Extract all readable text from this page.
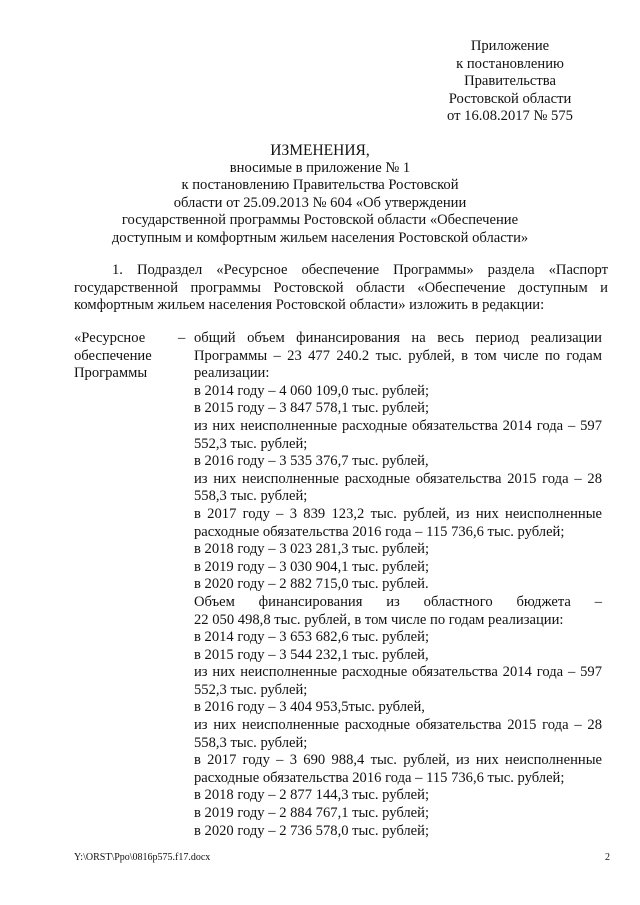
Приложение
к постановлению
Правительства
Ростовской области
от 16.08.2017 № 575
ИЗМЕНЕНИЯ,
вносимые в приложение № 1
к постановлению Правительства Ростовской
области от 25.09.2013 № 604 «Об утверждении
государственной программы Ростовской области «Обеспечение
доступным и комфортным жильем населения Ростовской области»
1. Подраздел «Ресурсное обеспечение Программы» раздела «Паспорт государственной программы Ростовской области «Обеспечение доступным и комфортным жильем населения Ростовской области» изложить в редакции:
«Ресурсное
обеспечение
Программы
– общий объем финансирования на весь период реализации Программы – 23 477 240.2 тыс. рублей, в том числе по годам реализации:
в 2014 году – 4 060 109,0 тыс. рублей;
в 2015 году – 3 847 578,1 тыс. рублей;
из них неисполненные расходные обязательства 2014 года – 597 552,3 тыс. рублей;
в 2016 году – 3 535 376,7 тыс. рублей,
из них неисполненные расходные обязательства 2015 года – 28 558,3 тыс. рублей;
в 2017 году – 3 839 123,2 тыс. рублей, из них неисполненные расходные обязательства 2016 года – 115 736,6 тыс. рублей;
в 2018 году – 3 023 281,3 тыс. рублей;
в 2019 году – 3 030 904,1 тыс. рублей;
в 2020 году – 2 882 715,0 тыс. рублей.
Объем финансирования из областного бюджета –
22 050 498,8 тыс. рублей, в том числе по годам реализации:
в 2014 году – 3 653 682,6 тыс. рублей;
в 2015 году – 3 544 232,1 тыс. рублей,
из них неисполненные расходные обязательства 2014 года – 597 552,3 тыс. рублей;
в 2016 году – 3 404 953,5тыс. рублей,
из них неисполненные расходные обязательства 2015 года – 28 558,3 тыс. рублей;
в 2017 году – 3 690 988,4 тыс. рублей, из них неисполненные расходные обязательства 2016 года – 115 736,6 тыс. рублей;
в 2018 году – 2 877 144,3 тыс. рублей;
в 2019 году – 2 884 767,1 тыс. рублей;
в 2020 году – 2 736 578,0 тыс. рублей;
Y:\ORST\Ppo\0816p575.f17.docx	2
